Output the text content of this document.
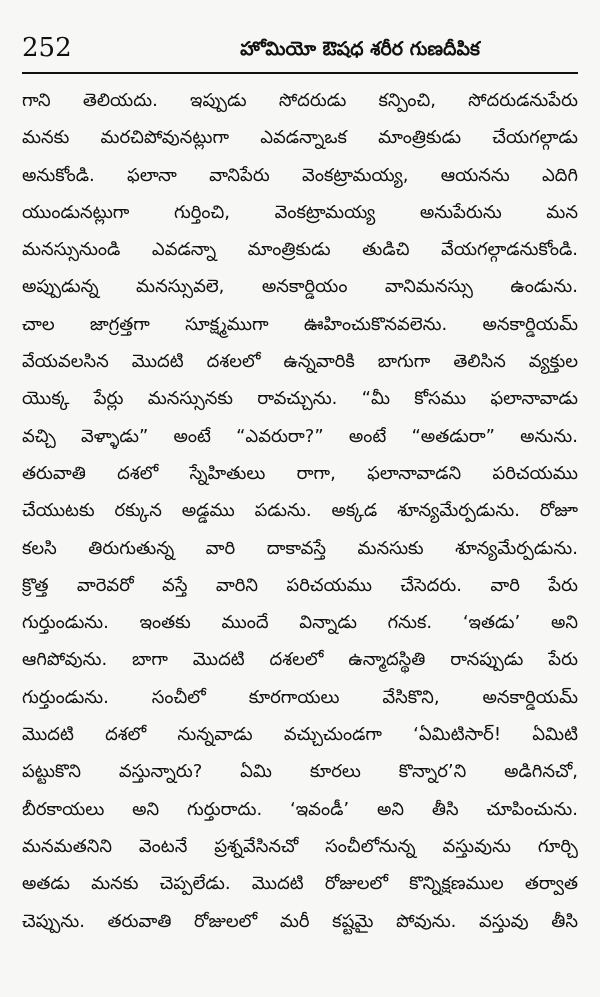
252	హోమియో ఔషధ శరీర గుణదీపిక
గాని తెలియదు. ఇప్పుడు సోదరుడు కన్పించి, సోదరుడనుపేరు
మనకు మరచిపోవునట్లుగా ఎవడన్నాఒక మాంత్రికుడు చేయగల్గాడు
అనుకోండి. ఫలానా వానిపేరు వెంకట్రామయ్య, ఆయనను ఎదిగి
యుండునట్లుగా గుర్తించి, వెంకట్రామయ్య అనుపేరును మన
మనస్సునుండి ఎవడన్నా మాంత్రికుడు తుడిచి వేయగల్గాడనుకోండి.
అప్పుడున్న మనస్సువలె, అనకార్డియం వానిమనస్సు ఉండును.
చాల జాగ్రత్తగా సూక్ష్మముగా ఊహించుకొనవలెను. అనకార్డియమ్
వేయవలసిన మొదటి దశలలో ఉన్నవారికి బాగుగా తెలిసిన వ్యక్తుల
యొక్క పేర్లు మనస్సునకు రావచ్చును. “మీ కోసము ఫలానావాడు
వచ్చి వెళ్ళాడు” అంటే “ఎవరురా?” అంటే “అతడురా” అనును.
తరువాతి దశలో స్నేహితులు రాగా, ఫలానావాడని పరిచయము
చేయుటకు రక్కున అడ్డము పడును. అక్కడ శూన్యమేర్పడును. రోజూ
కలసి తిరుగుతున్న వారి దాకావస్తే మనసుకు శూన్యమేర్పడును.
క్రొత్త వారెవరో వస్తే వారిని పరిచయము చేసెదరు. వారి పేరు
గుర్తుండును. ఇంతకు ముందే విన్నాడు గనుక. ‘ఇతడు’ అని
ఆగిపోవును. బాగా మొదటి దశలలో ఉన్మాదస్థితి రానప్పుడు పేరు
గుర్తుండును. సంచీలో కూరగాయలు వేసికొని, అనకార్డియమ్
మొదటి దశలో నున్నవాడు వచ్చుచుండగా ‘ఏమిటిసార్! ఏమిటి
పట్టుకొని వస్తున్నారు? ఏమి కూరలు కొన్నార’ని అడిగినచో,
బీరకాయలు అని గుర్తురాదు. ‘ఇవండీ’ అని తీసి చూపించును.
మనమతనిని వెంటనే ప్రశ్నవేసినచో సంచీలోనున్న వస్తువును గూర్చి
అతడు మనకు చెప్పలేడు. మొదటి రోజులలో కొన్నిక్షణముల తర్వాత
చెప్పును. తరువాతి రోజులలో మరీ కష్టమై పోవును. వస్తువు తీసి
